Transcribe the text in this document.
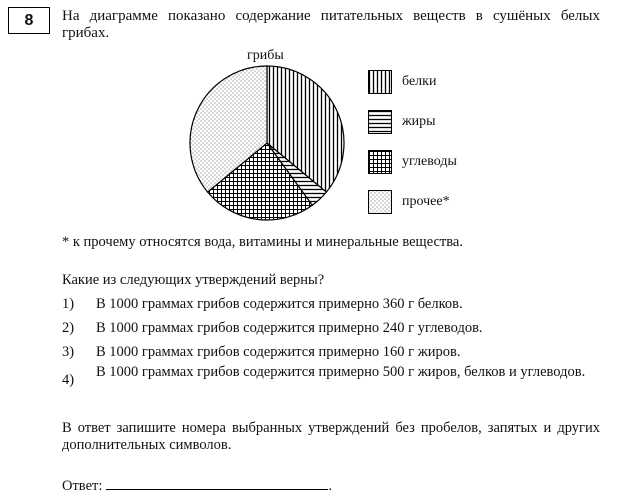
8	На диаграмме показано содержание питательных веществ в сушёных белых грибах.
грибы
белки
жиры
углеводы
прочее*
* к прочему относятся вода, витамины и минеральные вещества.
Какие из следующих утверждений верны?
1)	В 1000 граммах грибов содержится примерно 360 г белков.
2)	В 1000 граммах грибов содержится примерно 240 г углеводов.
3)	В 1000 граммах грибов содержится примерно 160 г жиров.
4)	В 1000 граммах грибов содержится примерно 500 г жиров, белков и углеводов.
В ответ запишите номера выбранных утверждений без пробелов, запятых и других дополнительных символов.
Ответ:	.
